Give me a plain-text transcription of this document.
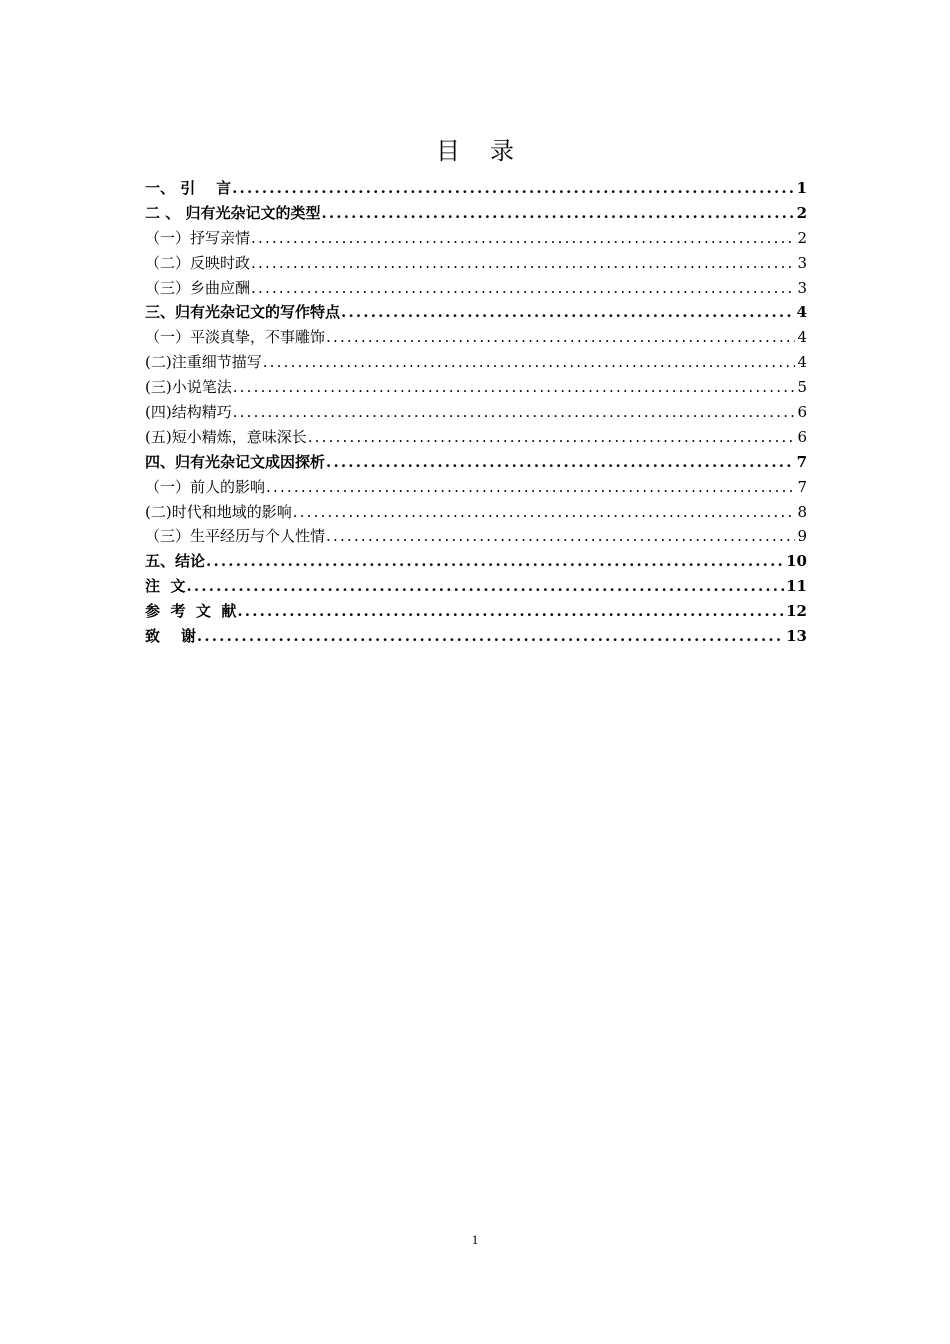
目录
一、 引    言 .....	1
二 、 归有光杂记文的类型 .....	2
（一）抒写亲情 .....	2
（二）反映时政 .....	3
（三）乡曲应酬 .....	3
三、归有光杂记文的写作特点 .....	4
（一）平淡真挚，不事雕饰 .....	4
(二)注重细节描写 .....	4
(三)小说笔法 .....	5
(四)结构精巧 .....	6
(五)短小精炼，意味深长 .....	6
四、归有光杂记文成因探析 .....	7
（一）前人的影响 .....	7
(二)时代和地域的影响 .....	8
（三）生平经历与个人性情 .....	9
五、结论 .....	10
注  文 .....	11
参  考  文  献 .....	12
致    谢 .....	13
1
